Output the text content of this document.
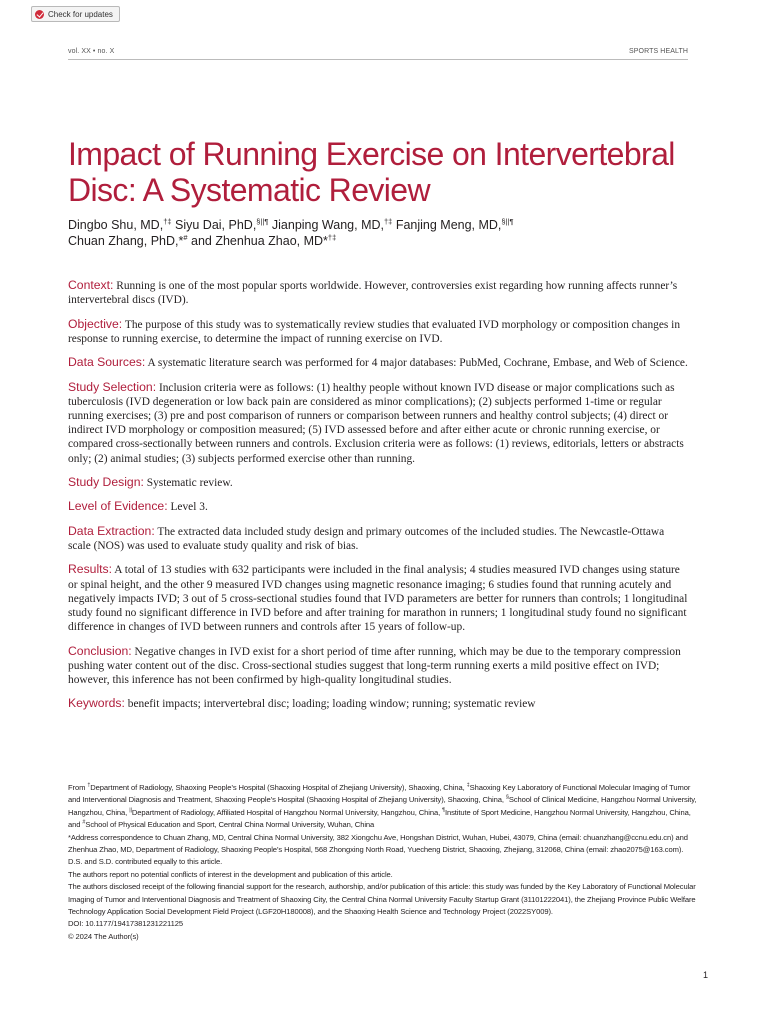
Check for updates
vol. XX • no. X	SPORTS HEALTH
Impact of Running Exercise on Intervertebral Disc: A Systematic Review
Dingbo Shu, MD,†‡ Siyu Dai, PhD,§||¶ Jianping Wang, MD,†‡ Fanjing Meng, MD,§||¶
Chuan Zhang, PhD,*# and Zhenhua Zhao, MD*†‡

Context: Running is one of the most popular sports worldwide. However, controversies exist regarding how running affects runner’s intervertebral discs (IVD).

Objective: The purpose of this study was to systematically review studies that evaluated IVD morphology or composition changes in response to running exercise, to determine the impact of running exercise on IVD.

Data Sources: A systematic literature search was performed for 4 major databases: PubMed, Cochrane, Embase, and Web of Science.

Study Selection: Inclusion criteria were as follows: (1) healthy people without known IVD disease or major complications such as tuberculosis (IVD degeneration or low back pain are considered as minor complications); (2) subjects performed 1-time or regular running exercises; (3) pre and post comparison of runners or comparison between runners and healthy control subjects; (4) direct or indirect IVD morphology or composition measured; (5) IVD assessed before and after either acute or chronic running exercise, or compared cross-sectionally between runners and controls. Exclusion criteria were as follows: (1) reviews, editorials, letters or abstracts only; (2) animal studies; (3) subjects performed exercise other than running.

Study Design: Systematic review.

Level of Evidence: Level 3.

Data Extraction: The extracted data included study design and primary outcomes of the included studies. The Newcastle-Ottawa scale (NOS) was used to evaluate study quality and risk of bias.

Results: A total of 13 studies with 632 participants were included in the final analysis; 4 studies measured IVD changes using stature or spinal height, and the other 9 measured IVD changes using magnetic resonance imaging; 6 studies found that running acutely and negatively impacts IVD; 3 out of 5 cross-sectional studies found that IVD parameters are better for runners than controls; 1 longitudinal study found no significant difference in IVD before and after training for marathon in runners; 1 longitudinal study found no significant difference in changes of IVD between runners and controls after 15 years of follow-up.

Conclusion: Negative changes in IVD exist for a short period of time after running, which may be due to the temporary compression pushing water content out of the disc. Cross-sectional studies suggest that long-term running exerts a mild positive effect on IVD; however, this inference has not been confirmed by high-quality longitudinal studies.

Keywords: benefit impacts; intervertebral disc; loading; loading window; running; systematic review

From †Department of Radiology, Shaoxing People’s Hospital (Shaoxing Hospital of Zhejiang University), Shaoxing, China, ‡Shaoxing Key Laboratory of Functional Molecular Imaging of Tumor and Interventional Diagnosis and Treatment, Shaoxing People’s Hospital (Shaoxing Hospital of Zhejiang University), Shaoxing, China, §School of Clinical Medicine, Hangzhou Normal University, Hangzhou, China, ||Department of Radiology, Affiliated Hospital of Hangzhou Normal University, Hangzhou, China, ¶Institute of Sport Medicine, Hangzhou Normal University, Hangzhou, China, and #School of Physical Education and Sport, Central China Normal University, Wuhan, China

*Address correspondence to Chuan Zhang, MD, Central China Normal University, 382 Xiongchu Ave, Hongshan District, Wuhan, Hubei, 43079, China (email: chuanzhang@ccnu.edu.cn) and Zhenhua Zhao, MD, Department of Radiology, Shaoxing People’s Hospital, 568 Zhongxing North Road, Yuecheng District, Shaoxing, Zhejiang, 312068, China (email: zhao2075@163.com).

D.S. and S.D. contributed equally to this article.

The authors report no potential conflicts of interest in the development and publication of this article.

The authors disclosed receipt of the following financial support for the research, authorship, and/or publication of this article: this study was funded by the Key Laboratory of Functional Molecular Imaging of Tumor and Interventional Diagnosis and Treatment of Shaoxing City, the Central China Normal University Faculty Startup Grant (31101222041), the Zhejiang Province Public Welfare Technology Application Social Development Field Project (LGF20H180008), and the Shaoxing Health Science and Technology Project (2022SY009).

DOI: 10.1177/19417381231221125

© 2024 The Author(s)

1
